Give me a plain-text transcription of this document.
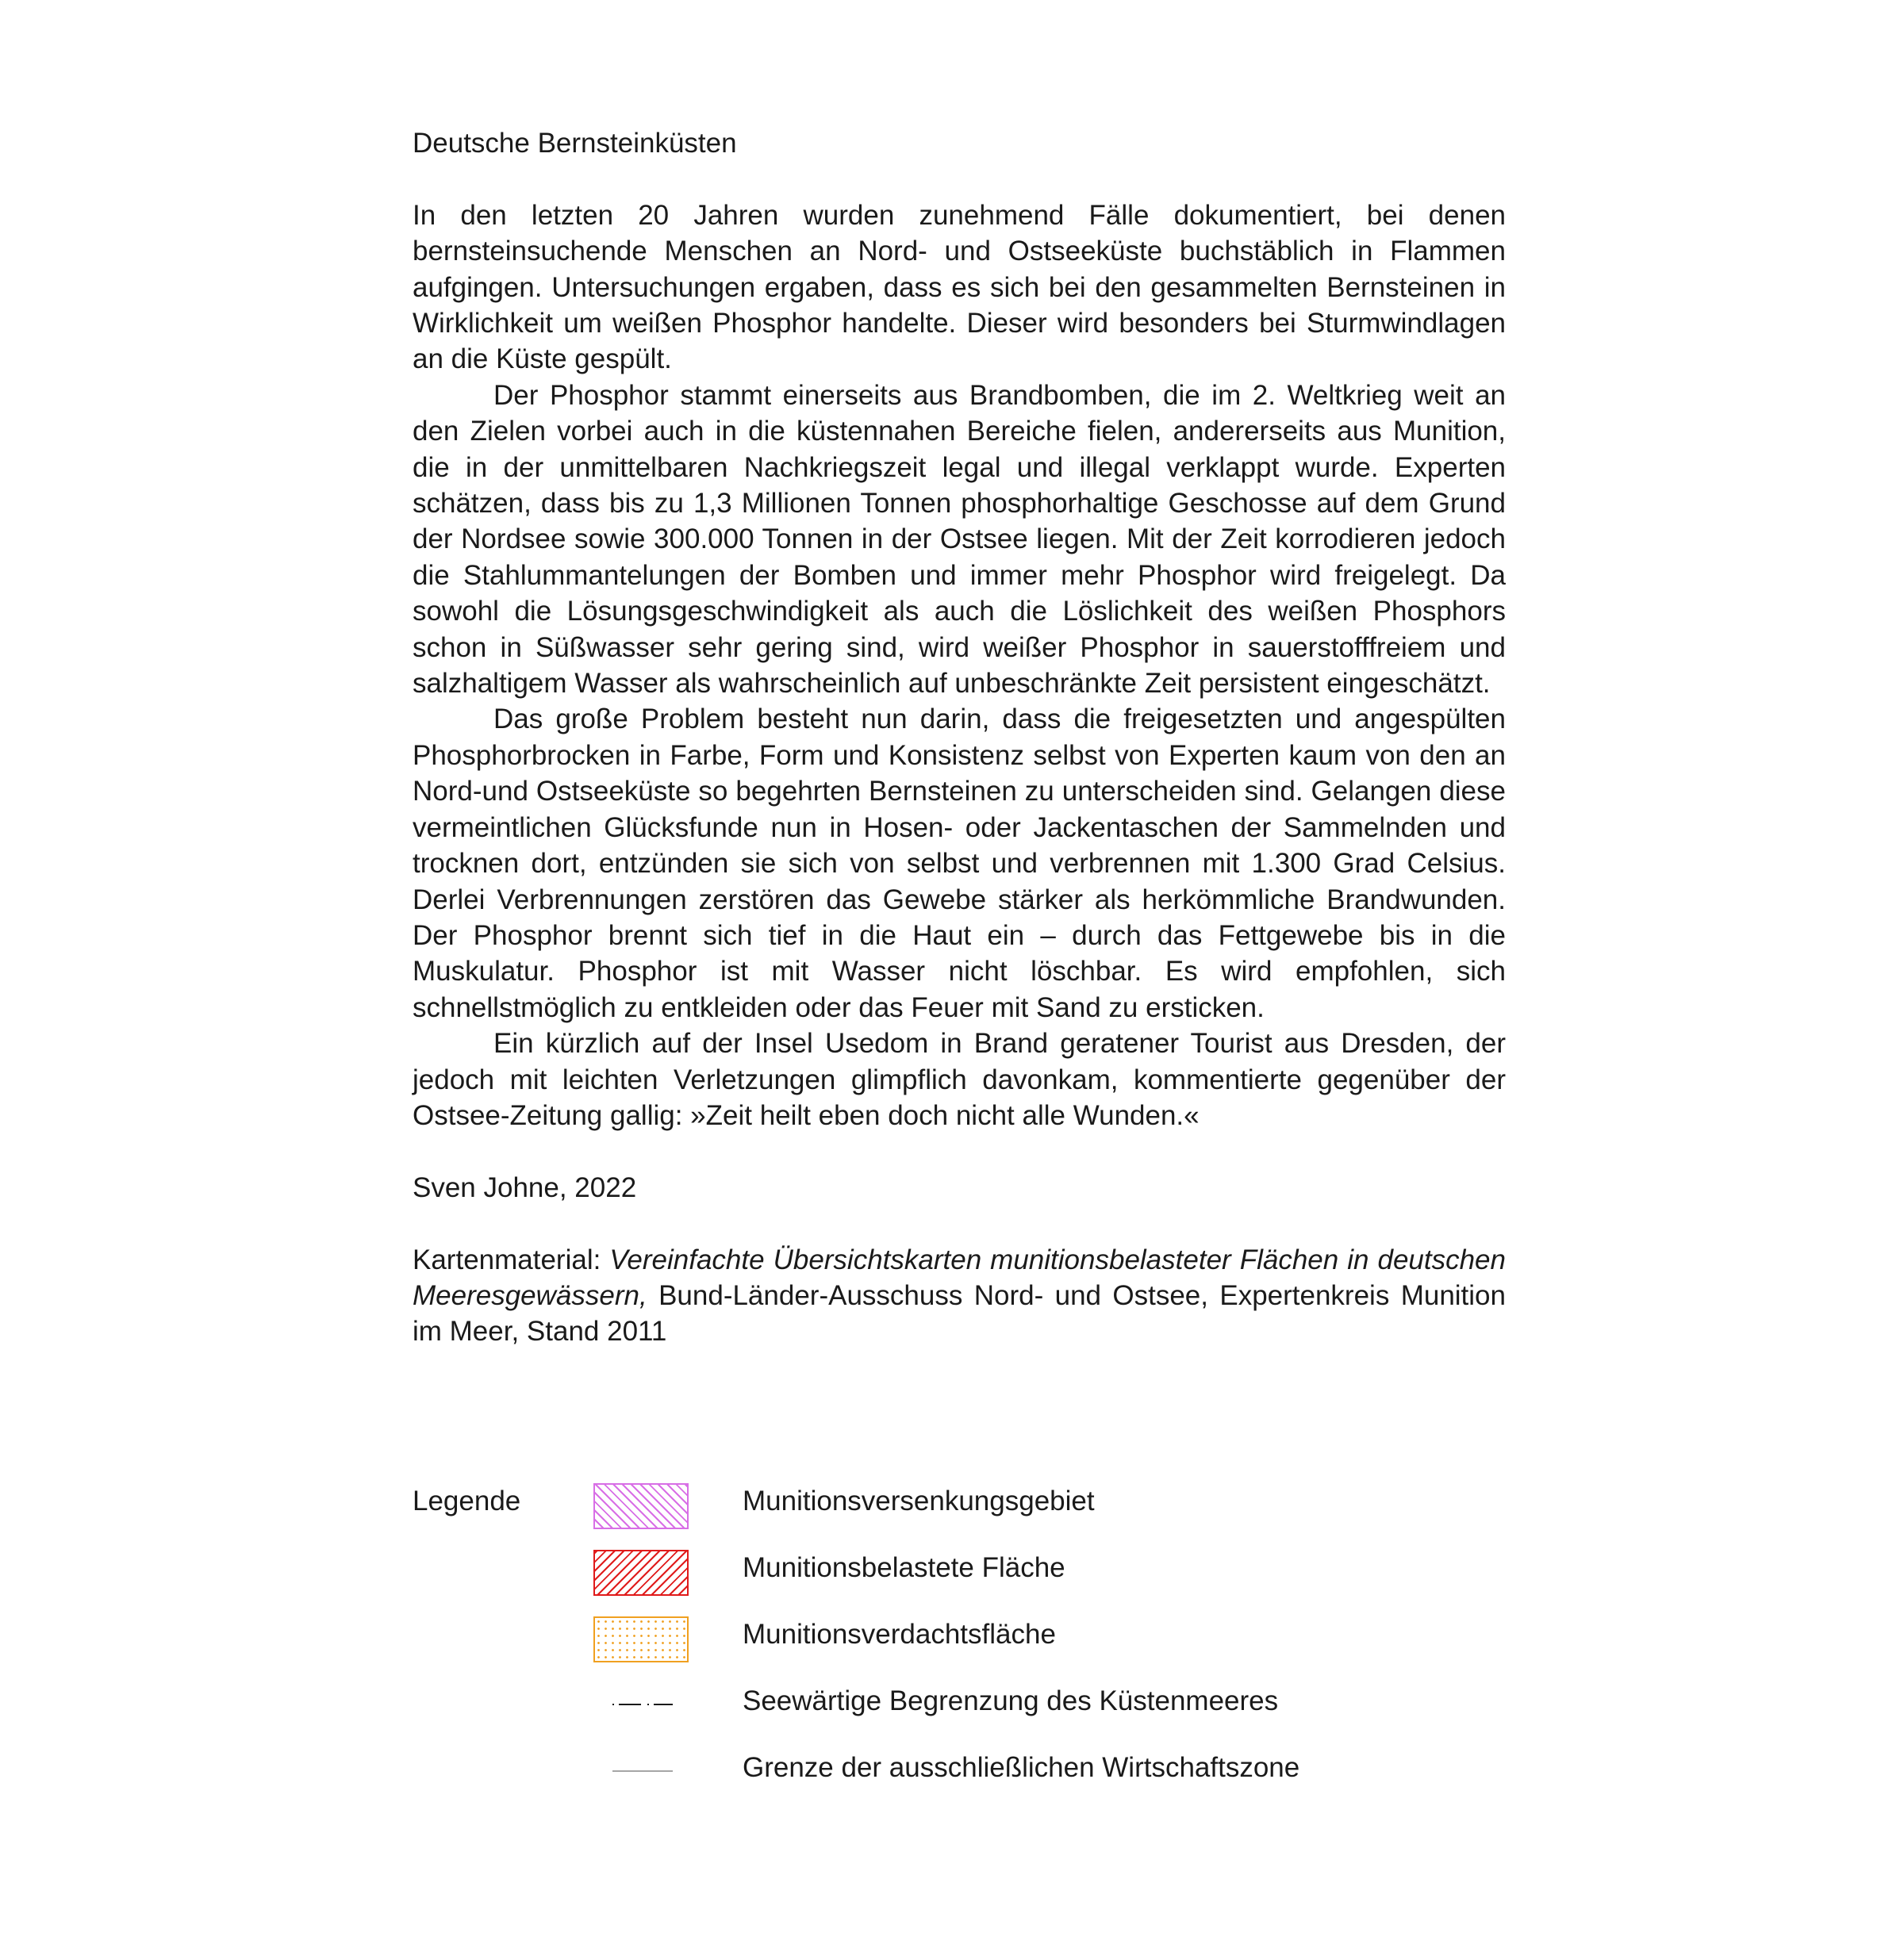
Deutsche Bernsteinküsten

In den letzten 20 Jahren wurden zunehmend Fälle dokumentiert, bei denen bernsteinsuchende Menschen an Nord- und Ostseeküste buchstäblich in Flammen aufgingen. Untersuchungen ergaben, dass es sich bei den gesammelten Bernsteinen in Wirklichkeit um weißen Phosphor handelte. Dieser wird besonders bei Sturmwindlagen an die Küste gespült.

Der Phosphor stammt einerseits aus Brandbomben, die im 2. Weltkrieg weit an den Zielen vorbei auch in die küstennahen Bereiche fielen, andererseits aus Munition, die in der unmittelbaren Nachkriegszeit legal und illegal verklappt wurde. Experten schätzen, dass bis zu 1,3 Millionen Tonnen phosphorhaltige Geschosse auf dem Grund der Nordsee sowie 300.000 Tonnen in der Ostsee liegen. Mit der Zeit korrodieren jedoch die Stahlummantelungen der Bomben und immer mehr Phosphor wird freigelegt. Da sowohl die Lösungsgeschwindigkeit als auch die Löslichkeit des weißen Phosphors schon in Süßwasser sehr gering sind, wird weißer Phosphor in sauerstofffreiem und salzhaltigem Wasser als wahrscheinlich auf unbeschränkte Zeit persistent eingeschätzt.

Das große Problem besteht nun darin, dass die freigesetzten und angespülten Phosphorbrocken in Farbe, Form und Konsistenz selbst von Experten kaum von den an Nord-und Ostseeküste so begehrten Bernsteinen zu unterscheiden sind. Gelangen diese vermeintlichen Glücksfunde nun in Hosen- oder Jackentaschen der Sammelnden und trocknen dort, entzünden sie sich von selbst und verbrennen mit 1.300 Grad Celsius. Derlei Verbrennungen zerstören das Gewebe stärker als herkömmliche Brandwunden. Der Phosphor brennt sich tief in die Haut ein – durch das Fettgewebe bis in die Muskulatur. Phosphor ist mit Wasser nicht löschbar. Es wird empfohlen, sich schnellstmöglich zu entkleiden oder das Feuer mit Sand zu ersticken.

Ein kürzlich auf der Insel Usedom in Brand geratener Tourist aus Dresden, der jedoch mit leichten Verletzungen glimpflich davonkam, kommentierte gegenüber der Ostsee-Zeitung gallig: »Zeit heilt eben doch nicht alle Wunden.«

Sven Johne, 2022

Kartenmaterial: Vereinfachte Übersichtskarten munitionsbelasteter Flächen in deutschen Meeresgewässern, Bund-Länder-Ausschuss Nord- und Ostsee, Expertenkreis Munition im Meer, Stand 2011

Legende	Munitionsversenkungsgebiet
Munitionsbelastete Fläche
Munitionsverdachtsfläche
Seewärtige Begrenzung des Küstenmeeres
Grenze der ausschließlichen Wirtschaftszone
